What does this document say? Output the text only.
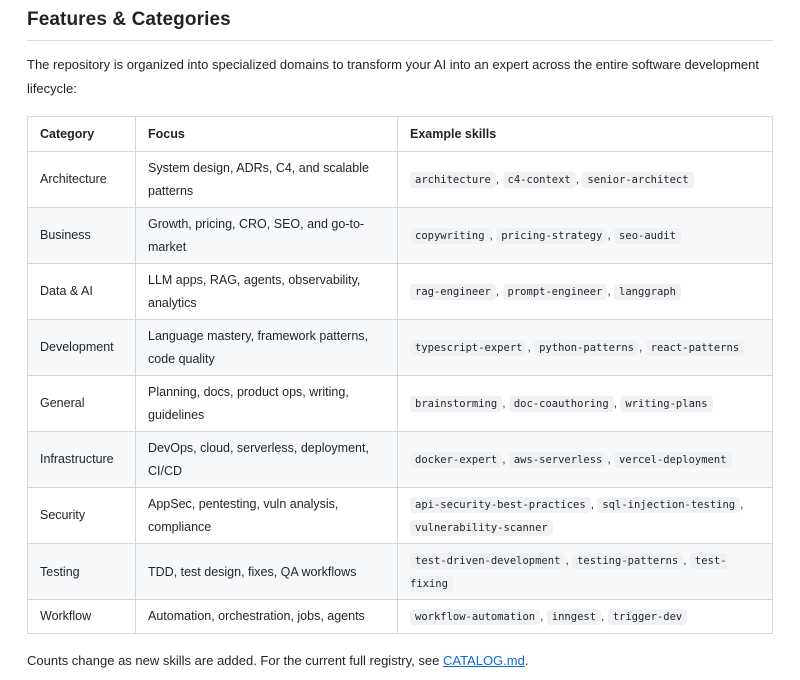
Features & Categories

The repository is organized into specialized domains to transform your AI into an expert across the entire software development lifecycle:

Category	Focus	Example skills
Architecture	System design, ADRs, C4, and scalable patterns	architecture , c4-context , senior-architect
Business	Growth, pricing, CRO, SEO, and go-to-market	copywriting , pricing-strategy , seo-audit
Data & AI	LLM apps, RAG, agents, observability, analytics	rag-engineer , prompt-engineer , langgraph
Development	Language mastery, framework patterns, code quality	typescript-expert , python-patterns , react-patterns
General	Planning, docs, product ops, writing, guidelines	brainstorming , doc-coauthoring , writing-plans
Infrastructure	DevOps, cloud, serverless, deployment, CI/CD	docker-expert , aws-serverless , vercel-deployment
Security	AppSec, pentesting, vuln analysis, compliance	api-security-best-practices , sql-injection-testing , vulnerability-scanner
Testing	TDD, test design, fixes, QA workflows	test-driven-development , testing-patterns , test-fixing
Workflow	Automation, orchestration, jobs, agents	workflow-automation , inngest , trigger-dev

Counts change as new skills are added. For the current full registry, see CATALOG.md.
